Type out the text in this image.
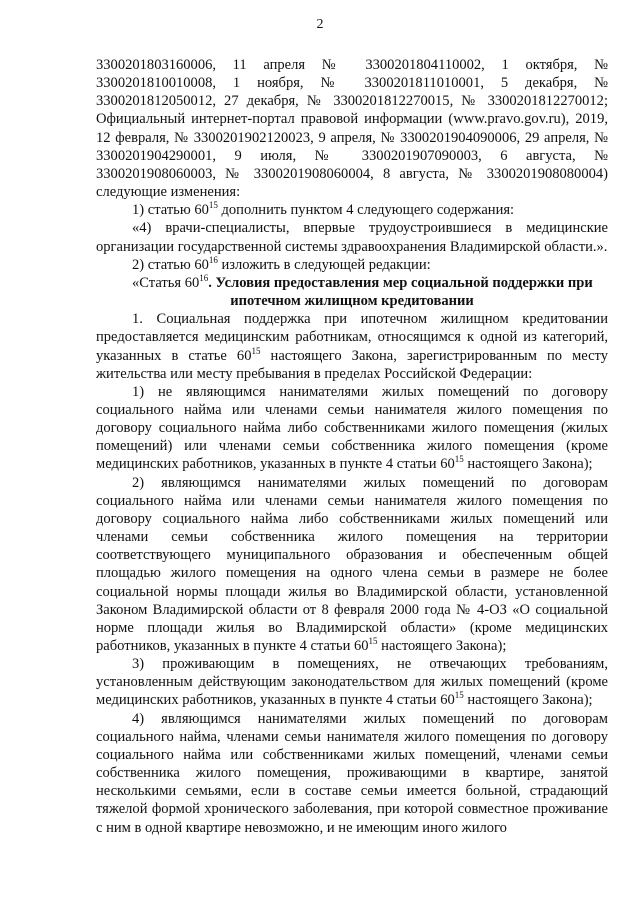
2

3300201803160006, 11 апреля № 3300201804110002, 1 октября, № 3300201810010008, 1 ноября, № 3300201811010001, 5 декабря, № 3300201812050012, 27 декабря, № 3300201812270015, № 3300201812270012; Официальный интернет-портал правовой информации (www.pravo.gov.ru), 2019, 12 февраля, № 3300201902120023, 9 апреля, № 3300201904090006, 29 апреля, № 3300201904290001, 9 июля, № 3300201907090003, 6 августа, № 3300201908060003, № 3300201908060004, 8 августа, № 3300201908080004) следующие изменения:

1) статью $60^{15}$ дополнить пунктом 4 следующего содержания:

«4) врачи-специалисты, впервые трудоустроившиеся в медицинские организации государственной системы здравоохранения Владимирской области.».

2) статью $60^{16}$ изложить в следующей редакции:

«Статья $60^{16}$. Условия предоставления мер социальной поддержки при

ипотечном жилищном кредитовании

1. Социальная поддержка при ипотечном жилищном кредитовании предоставляется медицинским работникам, относящимся к одной из категорий, указанных в статье $60^{15}$ настоящего Закона, зарегистрированным по месту жительства или месту пребывания в пределах Российской Федерации:

1) не являющимся нанимателями жилых помещений по договору социального найма или членами семьи нанимателя жилого помещения по договору социального найма либо собственниками жилого помещения (жилых помещений) или членами семьи собственника жилого помещения (кроме медицинских работников, указанных в пункте 4 статьи $60^{15}$ настоящего Закона);

2) являющимся нанимателями жилых помещений по договорам социального найма или членами семьи нанимателя жилого помещения по договору социального найма либо собственниками жилых помещений или членами семьи собственника жилого помещения на территории соответствующего муниципального образования и обеспеченным общей площадью жилого помещения на одного члена семьи в размере не более социальной нормы площади жилья во Владимирской области, установленной Законом Владимирской области от 8 февраля 2000 года № 4-ОЗ «О социальной норме площади жилья во Владимирской области» (кроме медицинских работников, указанных в пункте 4 статьи $60^{15}$ настоящего Закона);

3) проживающим в помещениях, не отвечающих требованиям, установленным действующим законодательством для жилых помещений (кроме медицинских работников, указанных в пункте 4 статьи $60^{15}$ настоящего Закона);

4) являющимся нанимателями жилых помещений по договорам социального найма, членами семьи нанимателя жилого помещения по договору социального найма или собственниками жилых помещений, членами семьи собственника жилого помещения, проживающими в квартире, занятой несколькими семьями, если в составе семьи имеется больной, страдающий тяжелой формой хронического заболевания, при которой совместное проживание с ним в одной квартире невозможно, и не имеющим иного жилого
